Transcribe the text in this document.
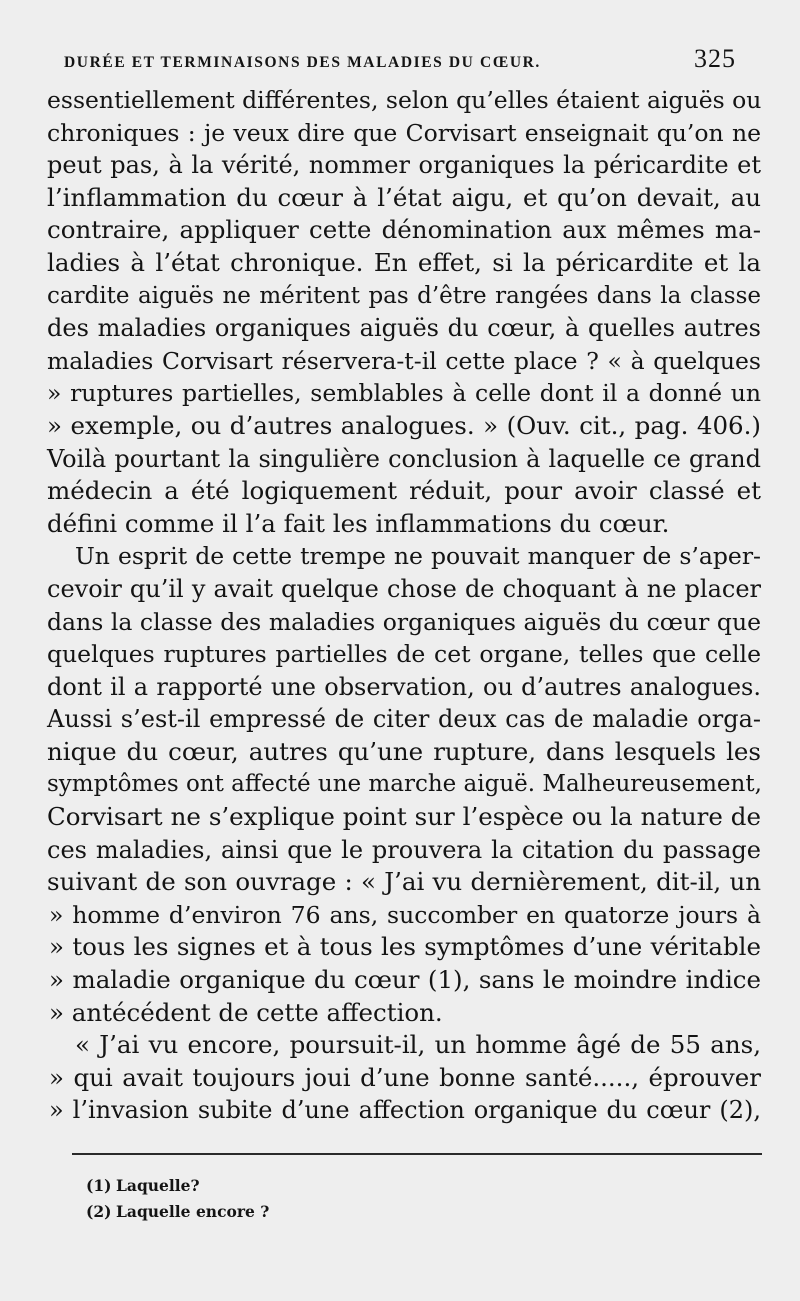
DURÉE ET TERMINAISONS DES MALADIES DU CŒUR.	325
essentiellement différentes, selon qu’elles étaient aiguës ou
chroniques : je veux dire que Corvisart enseignait qu’on ne
peut pas, à la vérité, nommer organiques la péricardite et
l’inflammation du cœur à l’état aigu, et qu’on devait, au
contraire, appliquer cette dénomination aux mêmes ma-
ladies à l’état chronique. En effet, si la péricardite et la
cardite aiguës ne méritent pas d’être rangées dans la classe
des maladies organiques aiguës du cœur, à quelles autres
maladies Corvisart réservera-t-il cette place ? « à quelques
» ruptures partielles, semblables à celle dont il a donné un
» exemple, ou d’autres analogues. » (Ouv. cit., pag. 406.)
Voilà pourtant la singulière conclusion à laquelle ce grand
médecin a été logiquement réduit, pour avoir classé et
défini comme il l’a fait les inflammations du cœur.
Un esprit de cette trempe ne pouvait manquer de s’aper-
cevoir qu’il y avait quelque chose de choquant à ne placer
dans la classe des maladies organiques aiguës du cœur que
quelques ruptures partielles de cet organe, telles que celle
dont il a rapporté une observation, ou d’autres analogues.
Aussi s’est-il empressé de citer deux cas de maladie orga-
nique du cœur, autres qu’une rupture, dans lesquels les
symptômes ont affecté une marche aiguë. Malheureusement,
Corvisart ne s’explique point sur l’espèce ou la nature de
ces maladies, ainsi que le prouvera la citation du passage
suivant de son ouvrage : « J’ai vu dernièrement, dit-il, un
» homme d’environ 76 ans, succomber en quatorze jours à
» tous les signes et à tous les symptômes d’une véritable
» maladie organique du cœur (1), sans le moindre indice
» antécédent de cette affection.
« J’ai vu encore, poursuit-il, un homme âgé de 55 ans,
» qui avait toujours joui d’une bonne santé....., éprouver
» l’invasion subite d’une affection organique du cœur (2),
(1) Laquelle?
(2) Laquelle encore ?
